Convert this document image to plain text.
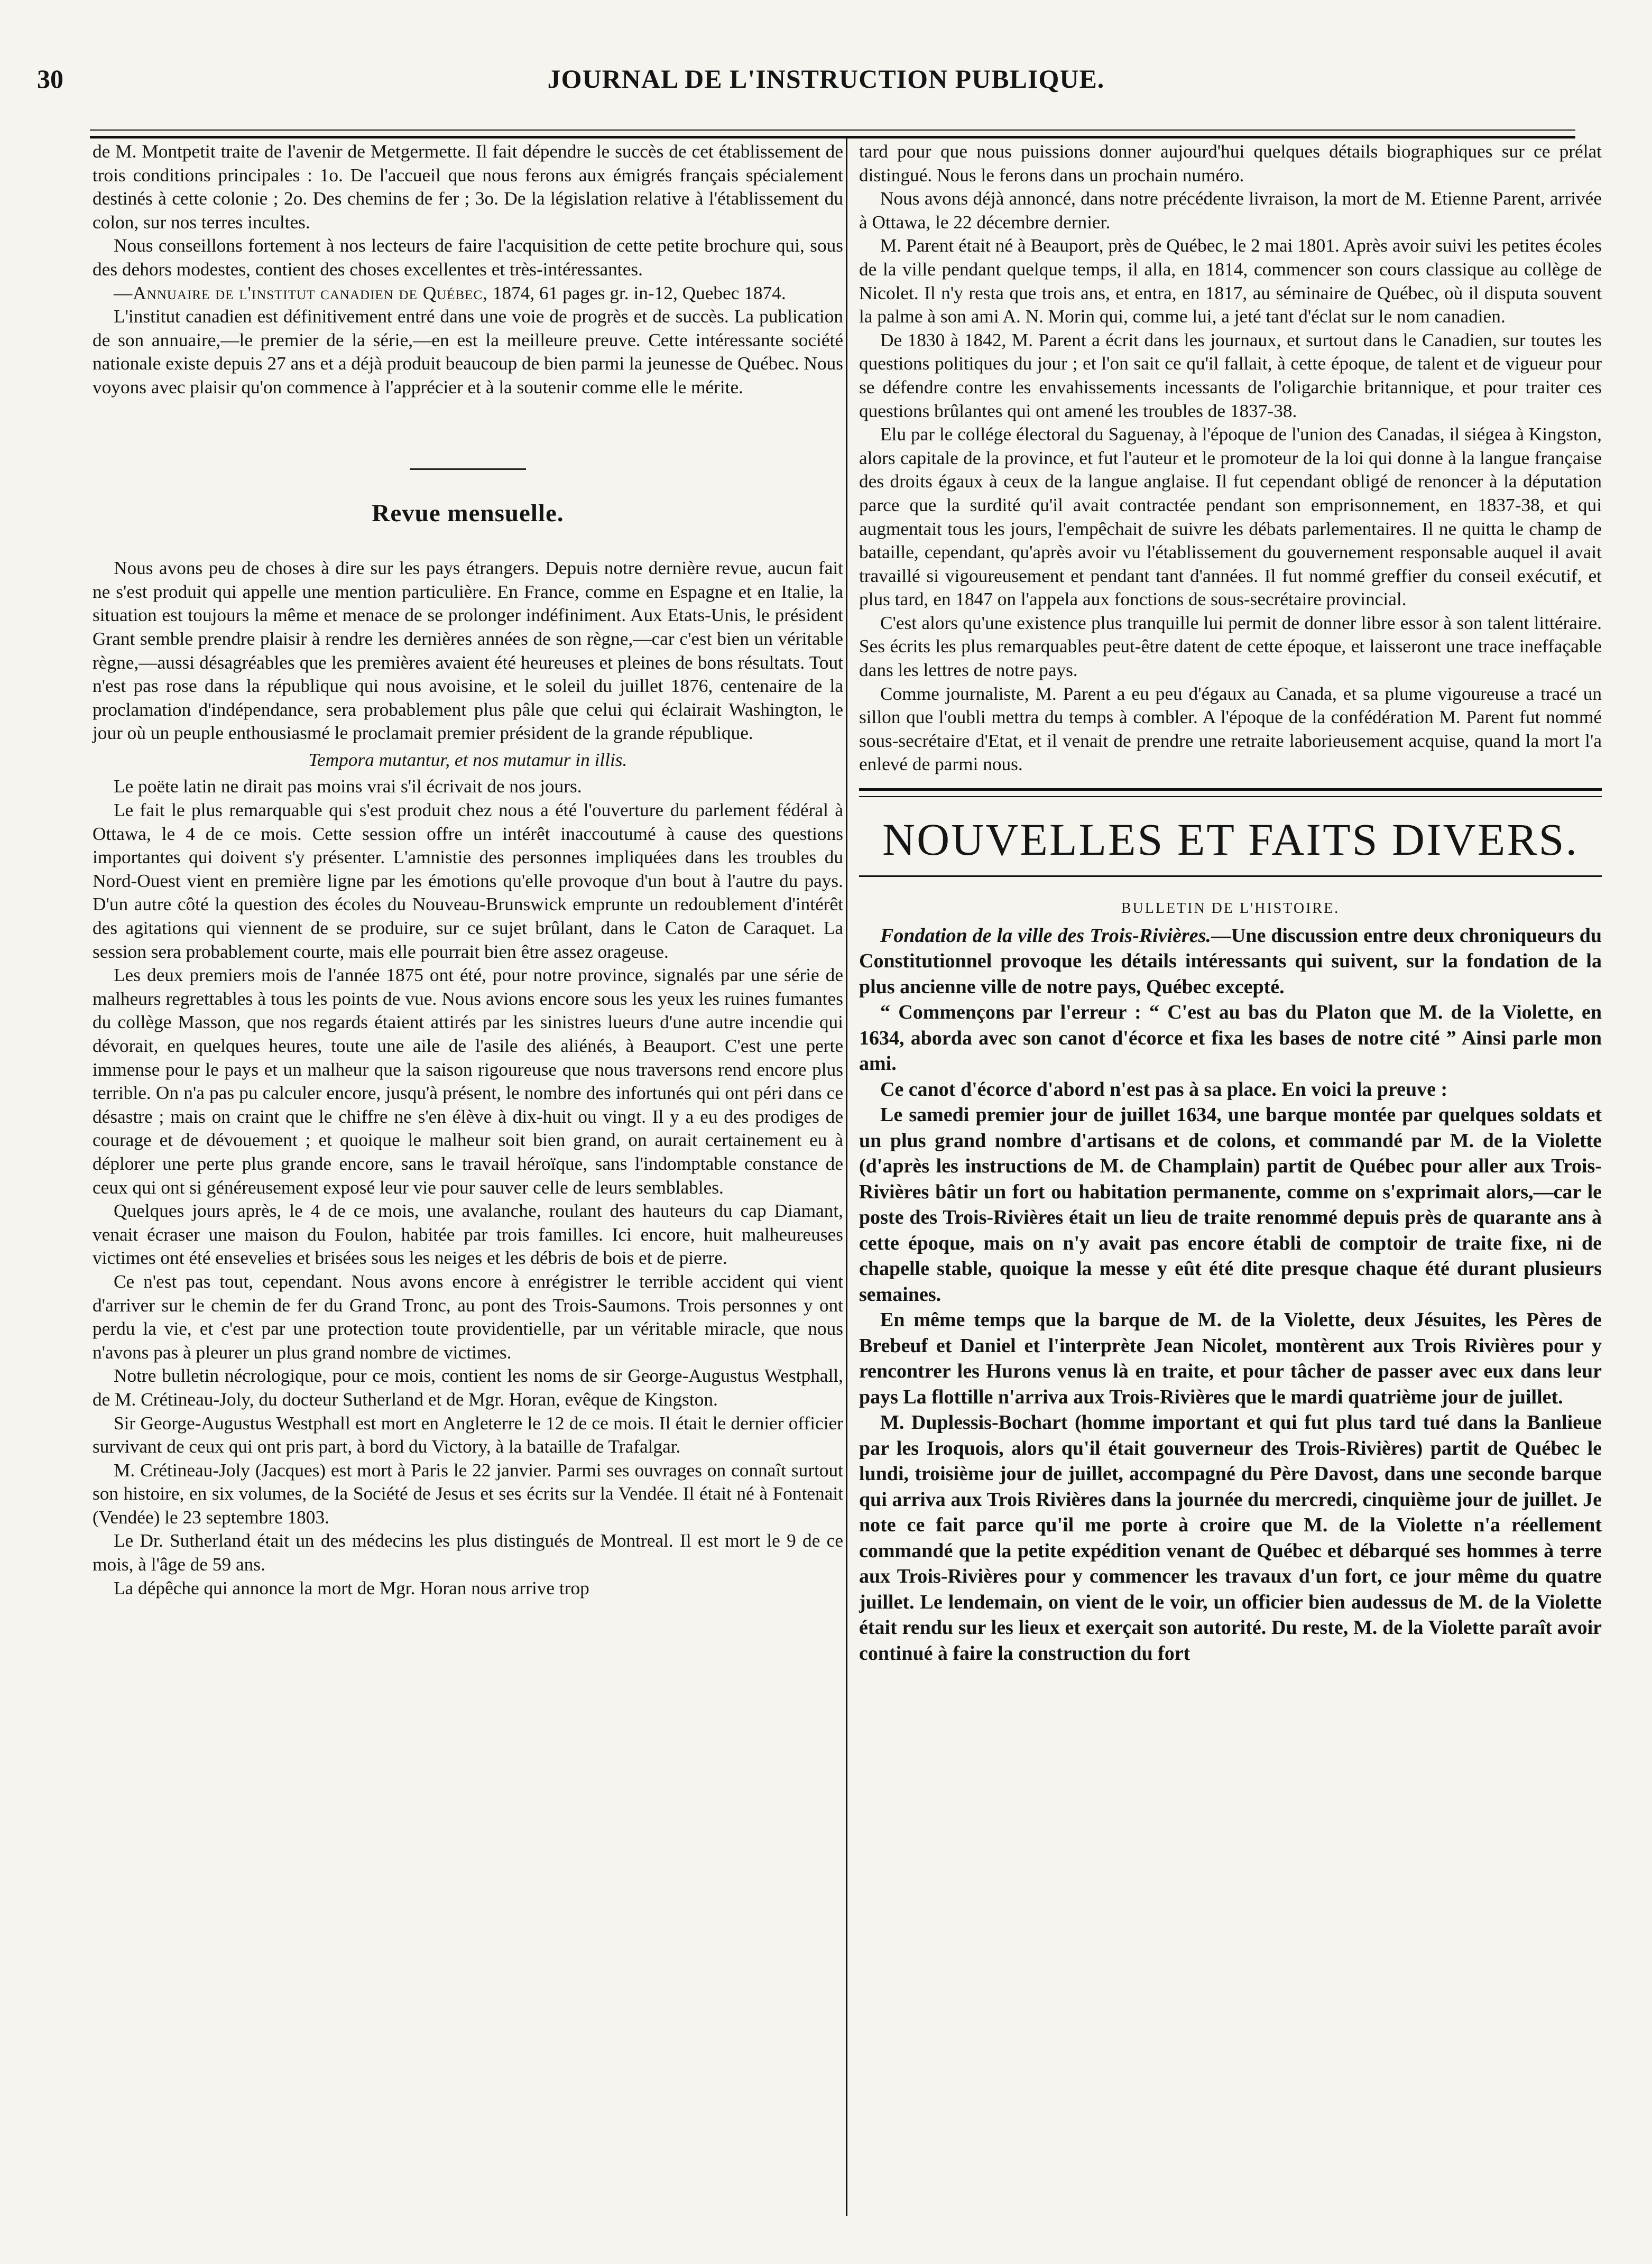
30	JOURNAL DE L'INSTRUCTION PUBLIQUE.

de M. Montpetit traite de l'avenir de Metgermette. Il fait dépendre le succès de cet établissement de trois conditions principales : 1o. De l'accueil que nous ferons aux émigrés français spécialement destinés à cette colonie ; 2o. Des chemins de fer ; 3o. De la législation relative à l'établissement du colon, sur nos terres incultes.

Nous conseillons fortement à nos lecteurs de faire l'acquisition de cette petite brochure qui, sous des dehors modestes, contient des choses excellentes et très-intéressantes.

—Annuaire de l'institut canadien de Québec, 1874, 61 pages gr. in-12, Quebec 1874.

L'institut canadien est définitivement entré dans une voie de progrès et de succès. La publication de son annuaire,—le premier de la série,—en est la meilleure preuve. Cette intéressante société nationale existe depuis 27 ans et a déjà produit beaucoup de bien parmi la jeunesse de Québec. Nous voyons avec plaisir qu'on commence à l'apprécier et à la soutenir comme elle le mérite.

Revue mensuelle.

Nous avons peu de choses à dire sur les pays étrangers. Depuis notre dernière revue, aucun fait ne s'est produit qui appelle une mention particulière. En France, comme en Espagne et en Italie, la situation est toujours la même et menace de se prolonger indéfiniment. Aux Etats-Unis, le président Grant semble prendre plaisir à rendre les dernières années de son règne,—car c'est bien un véritable règne,—aussi désagréables que les premières avaient été heureuses et pleines de bons résultats. Tout n'est pas rose dans la république qui nous avoisine, et le soleil du juillet 1876, centenaire de la proclamation d'indépendance, sera probablement plus pâle que celui qui éclairait Washington, le jour où un peuple enthousiasmé le proclamait premier président de la grande république.

Tempora mutantur, et nos mutamur in illis.

Le poëte latin ne dirait pas moins vrai s'il écrivait de nos jours.

Le fait le plus remarquable qui s'est produit chez nous a été l'ouverture du parlement fédéral à Ottawa, le 4 de ce mois. Cette session offre un intérêt inaccoutumé à cause des questions importantes qui doivent s'y présenter. L'amnistie des personnes impliquées dans les troubles du Nord-Ouest vient en première ligne par les émotions qu'elle provoque d'un bout à l'autre du pays. D'un autre côté la question des écoles du Nouveau-Brunswick emprunte un redoublement d'intérêt des agitations qui viennent de se produire, sur ce sujet brûlant, dans le Caton de Caraquet. La session sera probablement courte, mais elle pourrait bien être assez orageuse.

Les deux premiers mois de l'année 1875 ont été, pour notre province, signalés par une série de malheurs regrettables à tous les points de vue. Nous avions encore sous les yeux les ruines fumantes du collège Masson, que nos regards étaient attirés par les sinistres lueurs d'une autre incendie qui dévorait, en quelques heures, toute une aile de l'asile des aliénés, à Beauport. C'est une perte immense pour le pays et un malheur que la saison rigoureuse que nous traversons rend encore plus terrible. On n'a pas pu calculer encore, jusqu'à présent, le nombre des infortunés qui ont péri dans ce désastre ; mais on craint que le chiffre ne s'en élève à dix-huit ou vingt. Il y a eu des prodiges de courage et de dévouement ; et quoique le malheur soit bien grand, on aurait certainement eu à déplorer une perte plus grande encore, sans le travail héroïque, sans l'indomptable constance de ceux qui ont si généreusement exposé leur vie pour sauver celle de leurs semblables.

Quelques jours après, le 4 de ce mois, une avalanche, roulant des hauteurs du cap Diamant, venait écraser une maison du Foulon, habitée par trois familles. Ici encore, huit malheureuses victimes ont été ensevelies et brisées sous les neiges et les débris de bois et de pierre.

Ce n'est pas tout, cependant. Nous avons encore à enrégistrer le terrible accident qui vient d'arriver sur le chemin de fer du Grand Tronc, au pont des Trois-Saumons. Trois personnes y ont perdu la vie, et c'est par une protection toute providentielle, par un véritable miracle, que nous n'avons pas à pleurer un plus grand nombre de victimes.

Notre bulletin nécrologique, pour ce mois, contient les noms de sir George-Augustus Westphall, de M. Crétineau-Joly, du docteur Sutherland et de Mgr. Horan, evêque de Kingston.

Sir George-Augustus Westphall est mort en Angleterre le 12 de ce mois. Il était le dernier officier survivant de ceux qui ont pris part, à bord du Victory, à la bataille de Trafalgar.

M. Crétineau-Joly (Jacques) est mort à Paris le 22 janvier. Parmi ses ouvrages on connaît surtout son histoire, en six volumes, de la Société de Jesus et ses écrits sur la Vendée. Il était né à Fontenait (Vendée) le 23 septembre 1803.

Le Dr. Sutherland était un des médecins les plus distingués de Montreal. Il est mort le 9 de ce mois, à l'âge de 59 ans.

La dépêche qui annonce la mort de Mgr. Horan nous arrive trop

tard pour que nous puissions donner aujourd'hui quelques détails biographiques sur ce prélat distingué. Nous le ferons dans un prochain numéro.

Nous avons déjà annoncé, dans notre précédente livraison, la mort de M. Etienne Parent, arrivée à Ottawa, le 22 décembre dernier.

M. Parent était né à Beauport, près de Québec, le 2 mai 1801. Après avoir suivi les petites écoles de la ville pendant quelque temps, il alla, en 1814, commencer son cours classique au collège de Nicolet. Il n'y resta que trois ans, et entra, en 1817, au séminaire de Québec, où il disputa souvent la palme à son ami A. N. Morin qui, comme lui, a jeté tant d'éclat sur le nom canadien.

De 1830 à 1842, M. Parent a écrit dans les journaux, et surtout dans le Canadien, sur toutes les questions politiques du jour ; et l'on sait ce qu'il fallait, à cette époque, de talent et de vigueur pour se défendre contre les envahissements incessants de l'oligarchie britannique, et pour traiter ces questions brûlantes qui ont amené les troubles de 1837-38.

Elu par le collége électoral du Saguenay, à l'époque de l'union des Canadas, il siégea à Kingston, alors capitale de la province, et fut l'auteur et le promoteur de la loi qui donne à la langue française des droits égaux à ceux de la langue anglaise. Il fut cependant obligé de renoncer à la députation parce que la surdité qu'il avait contractée pendant son emprisonnement, en 1837-38, et qui augmentait tous les jours, l'empêchait de suivre les débats parlementaires. Il ne quitta le champ de bataille, cependant, qu'après avoir vu l'établissement du gouvernement responsable auquel il avait travaillé si vigoureusement et pendant tant d'années. Il fut nommé greffier du conseil exécutif, et plus tard, en 1847 on l'appela aux fonctions de sous-secrétaire provincial.

C'est alors qu'une existence plus tranquille lui permit de donner libre essor à son talent littéraire. Ses écrits les plus remarquables peut-être datent de cette époque, et laisseront une trace ineffaçable dans les lettres de notre pays.

Comme journaliste, M. Parent a eu peu d'égaux au Canada, et sa plume vigoureuse a tracé un sillon que l'oubli mettra du temps à combler. A l'époque de la confédération M. Parent fut nommé sous-secrétaire d'Etat, et il venait de prendre une retraite laborieusement acquise, quand la mort l'a enlevé de parmi nous.

NOUVELLES ET FAITS DIVERS.
BULLETIN DE L'HISTOIRE.

Fondation de la ville des Trois-Rivières.—Une discussion entre deux chroniqueurs du Constitutionnel provoque les détails intéressants qui suivent, sur la fondation de la plus ancienne ville de notre pays, Québec excepté.

“ Commençons par l'erreur : “ C'est au bas du Platon que M. de la Violette, en 1634, aborda avec son canot d'écorce et fixa les bases de notre cité ” Ainsi parle mon ami.

Ce canot d'écorce d'abord n'est pas à sa place. En voici la preuve :

Le samedi premier jour de juillet 1634, une barque montée par quelques soldats et un plus grand nombre d'artisans et de colons, et commandé par M. de la Violette (d'après les instructions de M. de Champlain) partit de Québec pour aller aux Trois-Rivières bâtir un fort ou habitation permanente, comme on s'exprimait alors,—car le poste des Trois-Rivières était un lieu de traite renommé depuis près de quarante ans à cette époque, mais on n'y avait pas encore établi de comptoir de traite fixe, ni de chapelle stable, quoique la messe y eût été dite presque chaque été durant plusieurs semaines.

En même temps que la barque de M. de la Violette, deux Jésuites, les Pères de Brebeuf et Daniel et l'interprète Jean Nicolet, montèrent aux Trois Rivières pour y rencontrer les Hurons venus là en traite, et pour tâcher de passer avec eux dans leur pays La flottille n'arriva aux Trois-Rivières que le mardi quatrième jour de juillet.

M. Duplessis-Bochart (homme important et qui fut plus tard tué dans la Banlieue par les Iroquois, alors qu'il était gouverneur des Trois-Rivières) partit de Québec le lundi, troisième jour de juillet, accompagné du Père Davost, dans une seconde barque qui arriva aux Trois Rivières dans la journée du mercredi, cinquième jour de juillet. Je note ce fait parce qu'il me porte à croire que M. de la Violette n'a réellement commandé que la petite expédition venant de Québec et débarqué ses hommes à terre aux Trois-Rivières pour y commencer les travaux d'un fort, ce jour même du quatre juillet. Le lendemain, on vient de le voir, un officier bien audessus de M. de la Violette était rendu sur les lieux et exerçait son autorité. Du reste, M. de la Violette paraît avoir continué à faire la construction du fort
